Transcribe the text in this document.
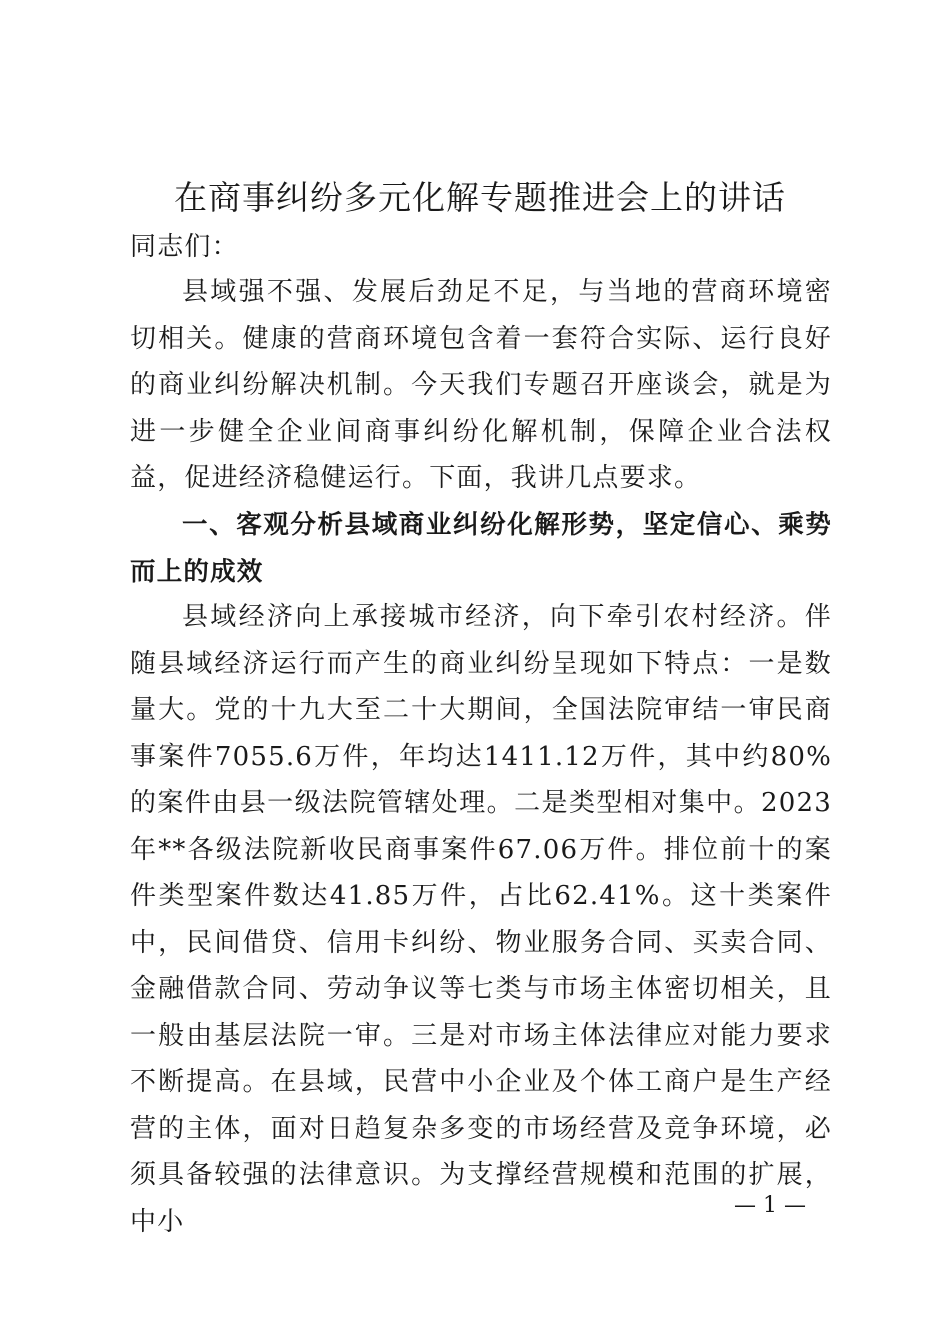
在商事纠纷多元化解专题推进会上的讲话

同志们：

县域强不强、发展后劲足不足，与当地的营商环境密切相关。健康的营商环境包含着一套符合实际、运行良好的商业纠纷解决机制。今天我们专题召开座谈会，就是为进一步健全企业间商事纠纷化解机制，保障企业合法权益，促进经济稳健运行。下面，我讲几点要求。

一、客观分析县域商业纠纷化解形势，坚定信心、乘势而上的成效

县域经济向上承接城市经济，向下牵引农村经济。伴随县域经济运行而产生的商业纠纷呈现如下特点：一是数量大。党的十九大至二十大期间，全国法院审结一审民商事案件7055.6万件，年均达1411.12万件，其中约80%的案件由县一级法院管辖处理。二是类型相对集中。2023年**各级法院新收民商事案件67.06万件。排位前十的案件类型案件数达41.85万件，占比62.41%。这十类案件中，民间借贷、信用卡纠纷、物业服务合同、买卖合同、金融借款合同、劳动争议等七类与市场主体密切相关，且一般由基层法院一审。三是对市场主体法律应对能力要求不断提高。在县域，民营中小企业及个体工商户是生产经营的主体，面对日趋复杂多变的市场经营及竞争环境，必须具备较强的法律意识。为支撑经营规模和范围的扩展，中小

— 1 —
